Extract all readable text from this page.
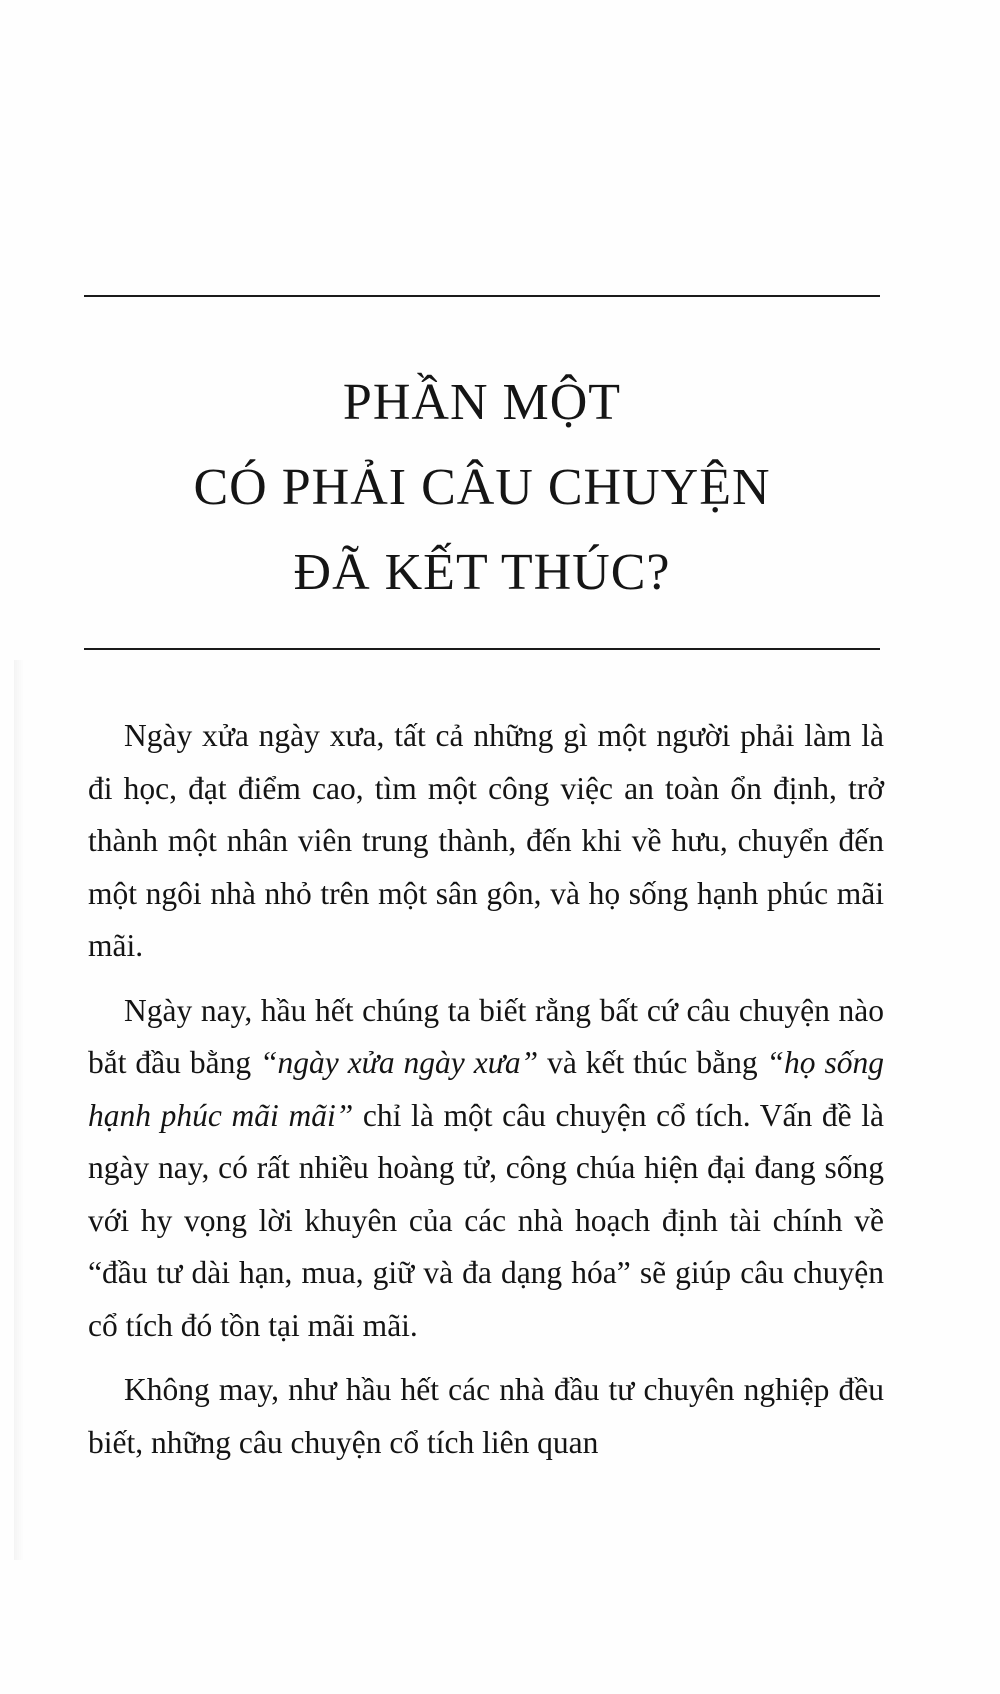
PHẦN MỘT
CÓ PHẢI CÂU CHUYỆN
ĐÃ KẾT THÚC?

Ngày xửa ngày xưa, tất cả những gì một người phải làm là đi học, đạt điểm cao, tìm một công việc an toàn ổn định, trở thành một nhân viên trung thành, đến khi về hưu, chuyển đến một ngôi nhà nhỏ trên một sân gôn, và họ sống hạnh phúc mãi mãi.

Ngày nay, hầu hết chúng ta biết rằng bất cứ câu chuyện nào bắt đầu bằng “ngày xửa ngày xưa” và kết thúc bằng “họ sống hạnh phúc mãi mãi” chỉ là một câu chuyện cổ tích. Vấn đề là ngày nay, có rất nhiều hoàng tử, công chúa hiện đại đang sống với hy vọng lời khuyên của các nhà hoạch định tài chính về “đầu tư dài hạn, mua, giữ và đa dạng hóa” sẽ giúp câu chuyện cổ tích đó tồn tại mãi mãi.

Không may, như hầu hết các nhà đầu tư chuyên nghiệp đều biết, những câu chuyện cổ tích liên quan
